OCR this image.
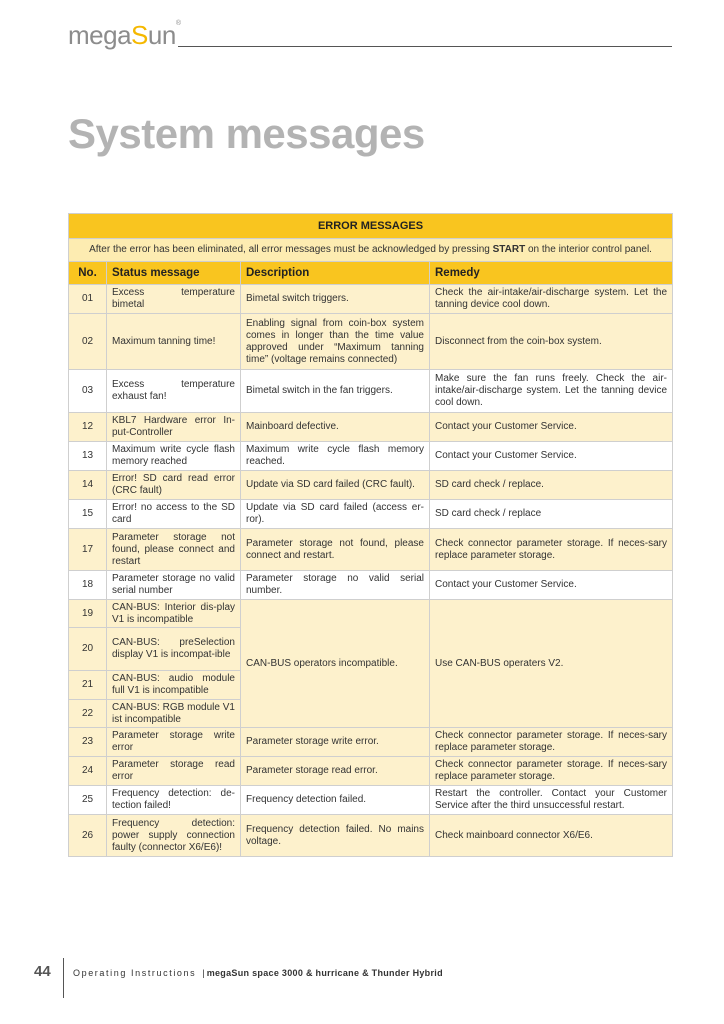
megaSun®
System messages
ERROR MESSAGES			
After the error has been eliminated, all error messages must be acknowledged by pressing START on the interior control panel.			
No.	Status message	Description	Remedy
01	Excess temperature bimetal	Bimetal switch triggers.	Check the air-intake/air-discharge system. Let the tanning device cool down.
02	Maximum tanning time!	Enabling signal from coin-box system comes in longer than the time value approved under “Maximum tanning time” (voltage remains connected)	Disconnect from the coin-box system.
03	Excess temperature exhaust fan!	Bimetal switch in the fan triggers.	Make sure the fan runs freely. Check the air-intake/air-discharge system. Let the tanning device cool down.
12	KBL7 Hardware error In-put-Controller	Mainboard defective.	Contact your Customer Service.
13	Maximum write cycle flash memory reached	Maximum write cycle flash memory reached.	Contact your Customer Service.
14	Error! SD card read error (CRC fault)	Update via SD card failed (CRC fault).	SD card check / replace.
15	Error! no access to the SD card	Update via SD card failed (access er-ror).	SD card check / replace
17	Parameter storage not found, please connect and restart	Parameter storage not found, please connect and restart.	Check connector parameter storage. If neces-sary replace parameter storage.
18	Parameter storage no valid serial number	Parameter storage no valid serial number.	Contact your Customer Service.
19	CAN-BUS: Interior dis-play V1 is incompatible	CAN-BUS operators incompatible.	Use CAN-BUS operaters V2.
20	CAN-BUS: preSelection display V1 is incompat-ible		
21	CAN-BUS: audio module full V1 is incompatible		
22	CAN-BUS: RGB module V1 ist incompatible		
23	Parameter storage write error	Parameter storage write error.	Check connector parameter storage. If neces-sary replace parameter storage.
24	Parameter storage read error	Parameter storage read error.	Check connector parameter storage. If neces-sary replace parameter storage.
25	Frequency detection: de-tection failed!	Frequency detection failed.	Restart the controller. Contact your Customer Service after the third unsuccessful restart.
26	Frequency detection: power supply connection faulty (connector X6/E6)!	Frequency detection failed. No mains voltage.	Check mainboard connector X6/E6.
44 Operating Instructions | megaSun space 3000 & hurricane & Thunder Hybrid
